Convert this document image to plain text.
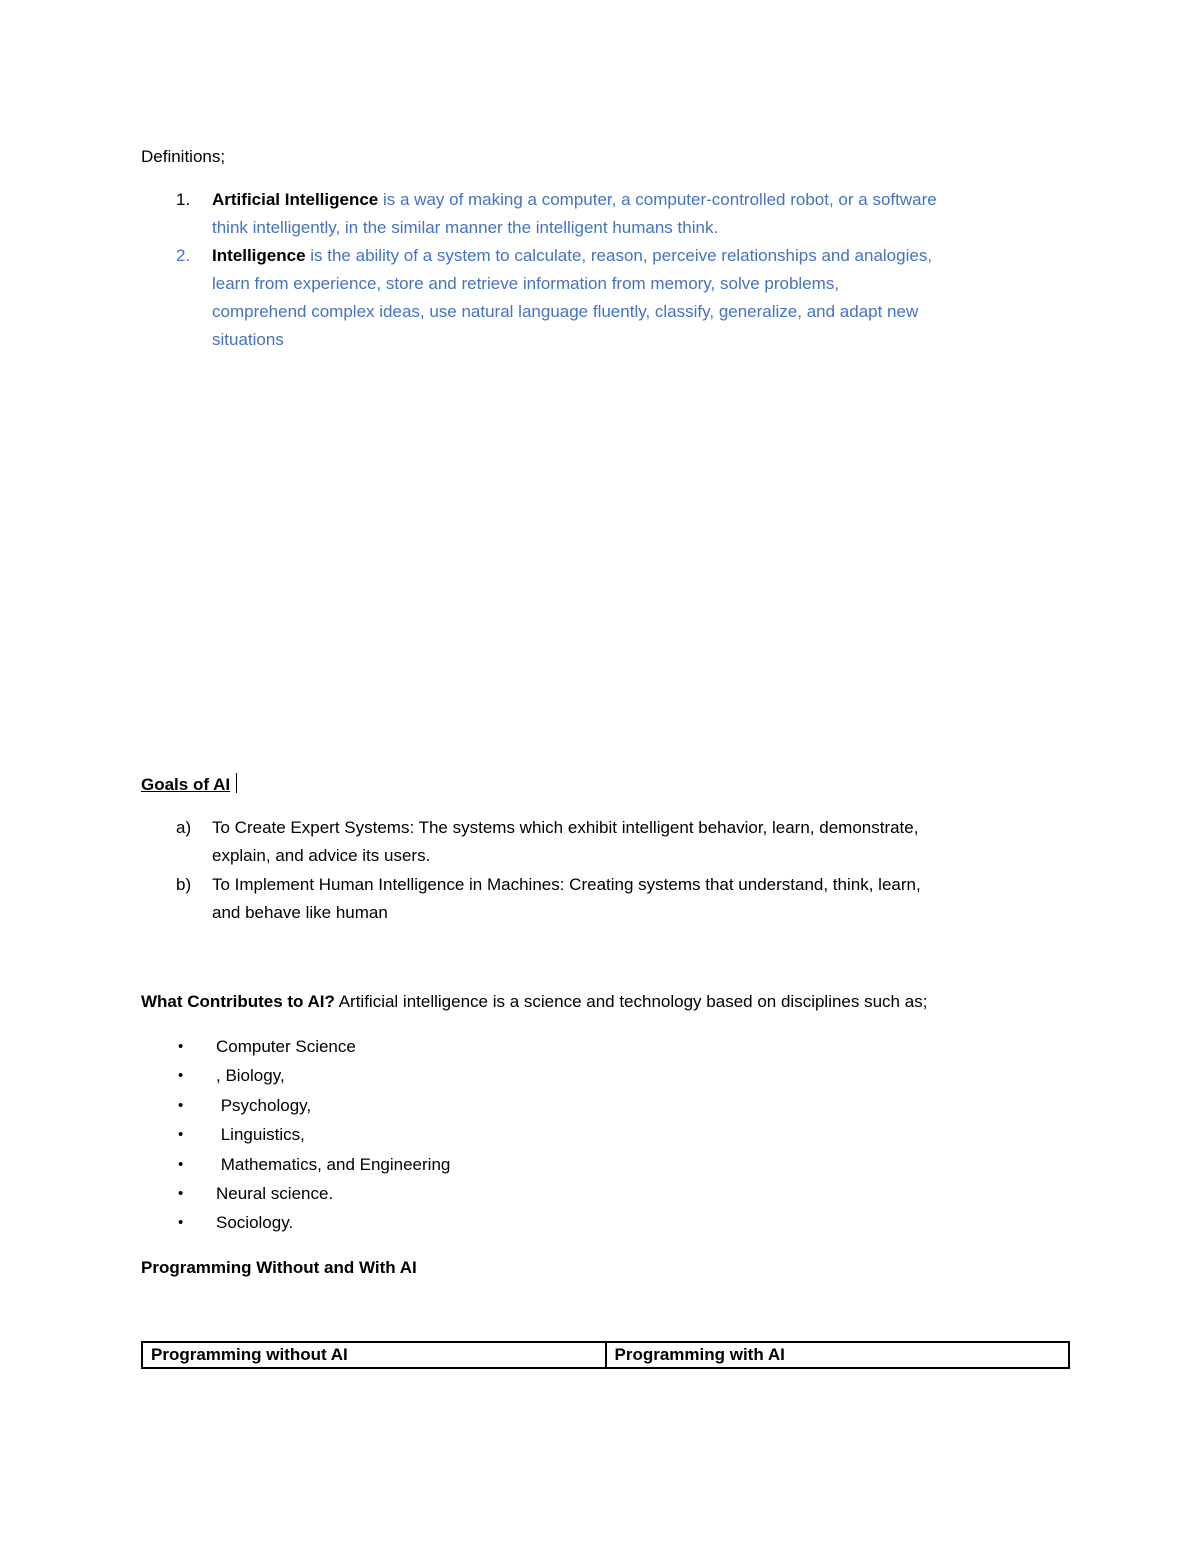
Definitions;
1. Artificial Intelligence is a way of making a computer, a computer-controlled robot, or a software
think intelligently, in the similar manner the intelligent humans think.
2. Intelligence is the ability of a system to calculate, reason, perceive relationships and analogies,
learn from experience, store and retrieve information from memory, solve problems,
comprehend complex ideas, use natural language fluently, classify, generalize, and adapt new
situations
Goals of AI
a) To Create Expert Systems: The systems which exhibit intelligent behavior, learn, demonstrate,
explain, and advice its users.
b) To Implement Human Intelligence in Machines: Creating systems that understand, think, learn,
and behave like human
What Contributes to AI? Artificial intelligence is a science and technology based on disciplines such as;
• Computer Science
• , Biology,
• Psychology,
• Linguistics,
• Mathematics, and Engineering
• Neural science.
• Sociology.
Programming Without and With AI
Programming without AI	Programming with AI
